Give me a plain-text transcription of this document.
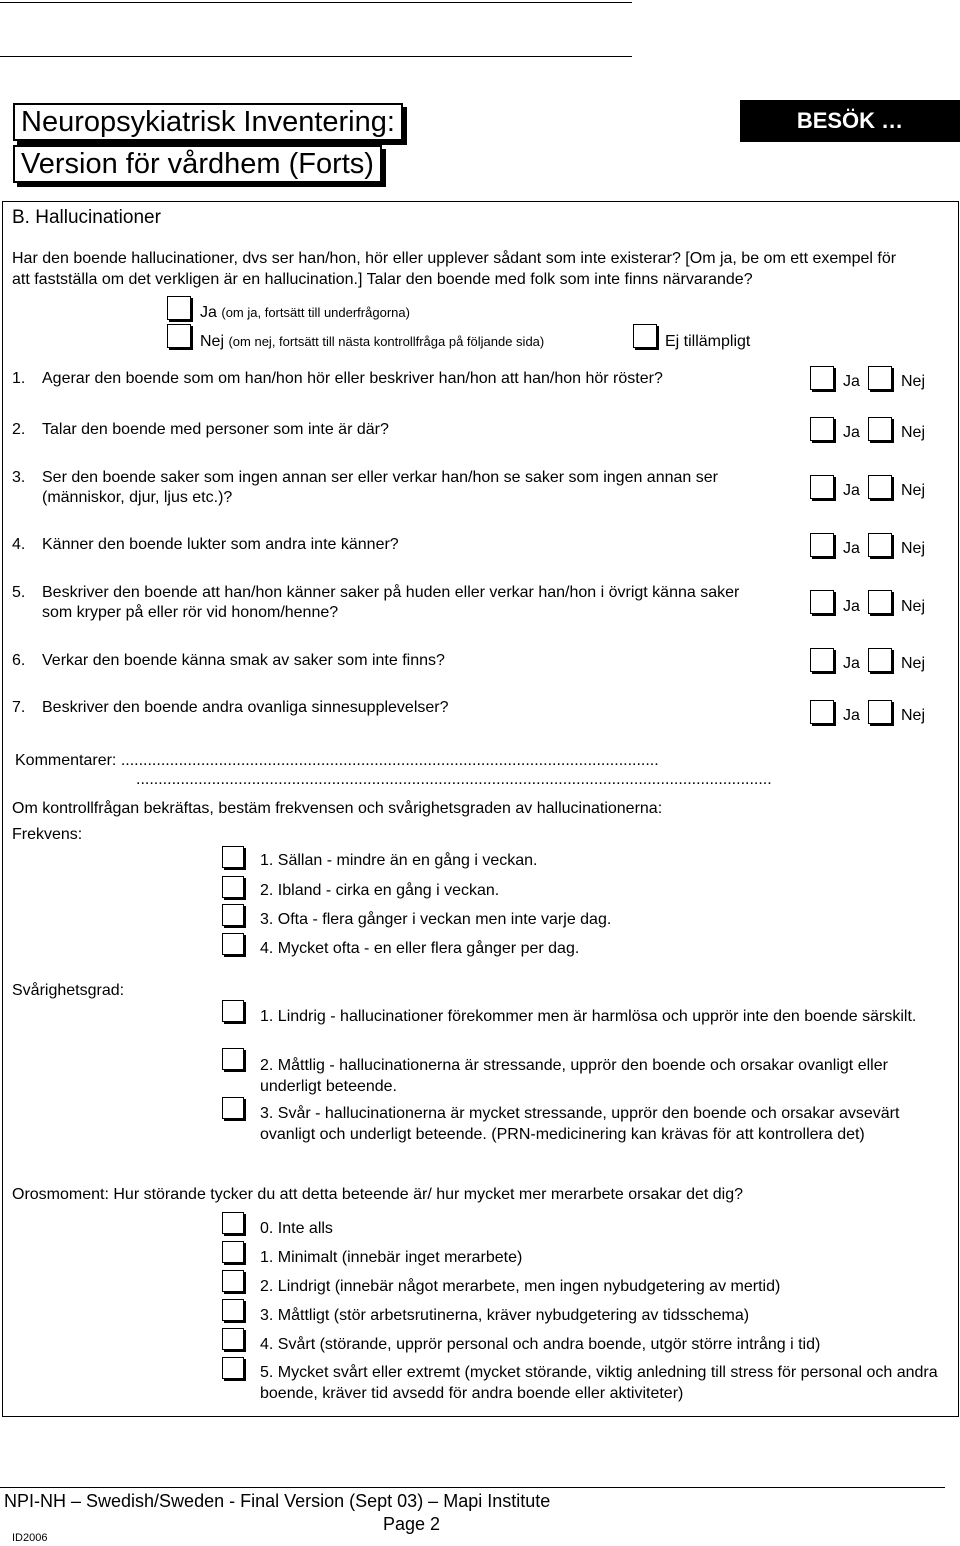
Neuropsykiatrisk Inventering:
Version för vårdhem (Forts)
BESÖK …
B. Hallucinationer
Har den boende hallucinationer, dvs ser han/hon, hör eller upplever sådant som inte existerar? [Om ja, be om ett exempel för att fastställa om det verkligen är en hallucination.] Talar den boende med folk som inte finns närvarande?
Ja (om ja, fortsätt till underfrågorna)
Nej (om nej, fortsätt till nästa kontrollfråga på följande sida)	Ej tillämpligt
1. Agerar den boende som om han/hon hör eller beskriver han/hon att han/hon hör röster?	Ja	Nej
2. Talar den boende med personer som inte är där?	Ja	Nej
3. Ser den boende saker som ingen annan ser eller verkar han/hon se saker som ingen annan ser (människor, djur, ljus etc.)?	Ja	Nej
4. Känner den boende lukter som andra inte känner?	Ja	Nej
5. Beskriver den boende att han/hon känner saker på huden eller verkar han/hon i övrigt känna saker som kryper på eller rör vid honom/henne?	Ja	Nej
6. Verkar den boende känna smak av saker som inte finns?	Ja	Nej
7. Beskriver den boende andra ovanliga sinnesupplevelser?	Ja	Nej
Kommentarer: .........................................................................................................................
...............................................................................................................................................
Om kontrollfrågan bekräftas, bestäm frekvensen och svårighetsgraden av hallucinationerna:
Frekvens:
1. Sällan - mindre än en gång i veckan.
2. Ibland - cirka en gång i veckan.
3. Ofta - flera gånger i veckan men inte varje dag.
4. Mycket ofta - en eller flera gånger per dag.
Svårighetsgrad:
1. Lindrig - hallucinationer förekommer men är harmlösa och upprör inte den boende särskilt.
2. Måttlig - hallucinationerna är stressande, upprör den boende och orsakar ovanligt eller underligt beteende.
3. Svår - hallucinationerna är mycket stressande, upprör den boende och orsakar avsevärt ovanligt och underligt beteende. (PRN-medicinering kan krävas för att kontrollera det)
Orosmoment: Hur störande tycker du att detta beteende är/ hur mycket mer merarbete orsakar det dig?
0. Inte alls
1. Minimalt (innebär inget merarbete)
2. Lindrigt (innebär något merarbete, men ingen nybudgetering av mertid)
3. Måttligt (stör arbetsrutinerna, kräver nybudgetering av tidsschema)
4. Svårt (störande, upprör personal och andra boende, utgör större intrång i tid)
5. Mycket svårt eller extremt (mycket störande, viktig anledning till stress för personal och andra boende, kräver tid avsedd för andra boende eller aktiviteter)
NPI-NH – Swedish/Sweden - Final Version (Sept 03) – Mapi Institute
Page 2
ID2006
